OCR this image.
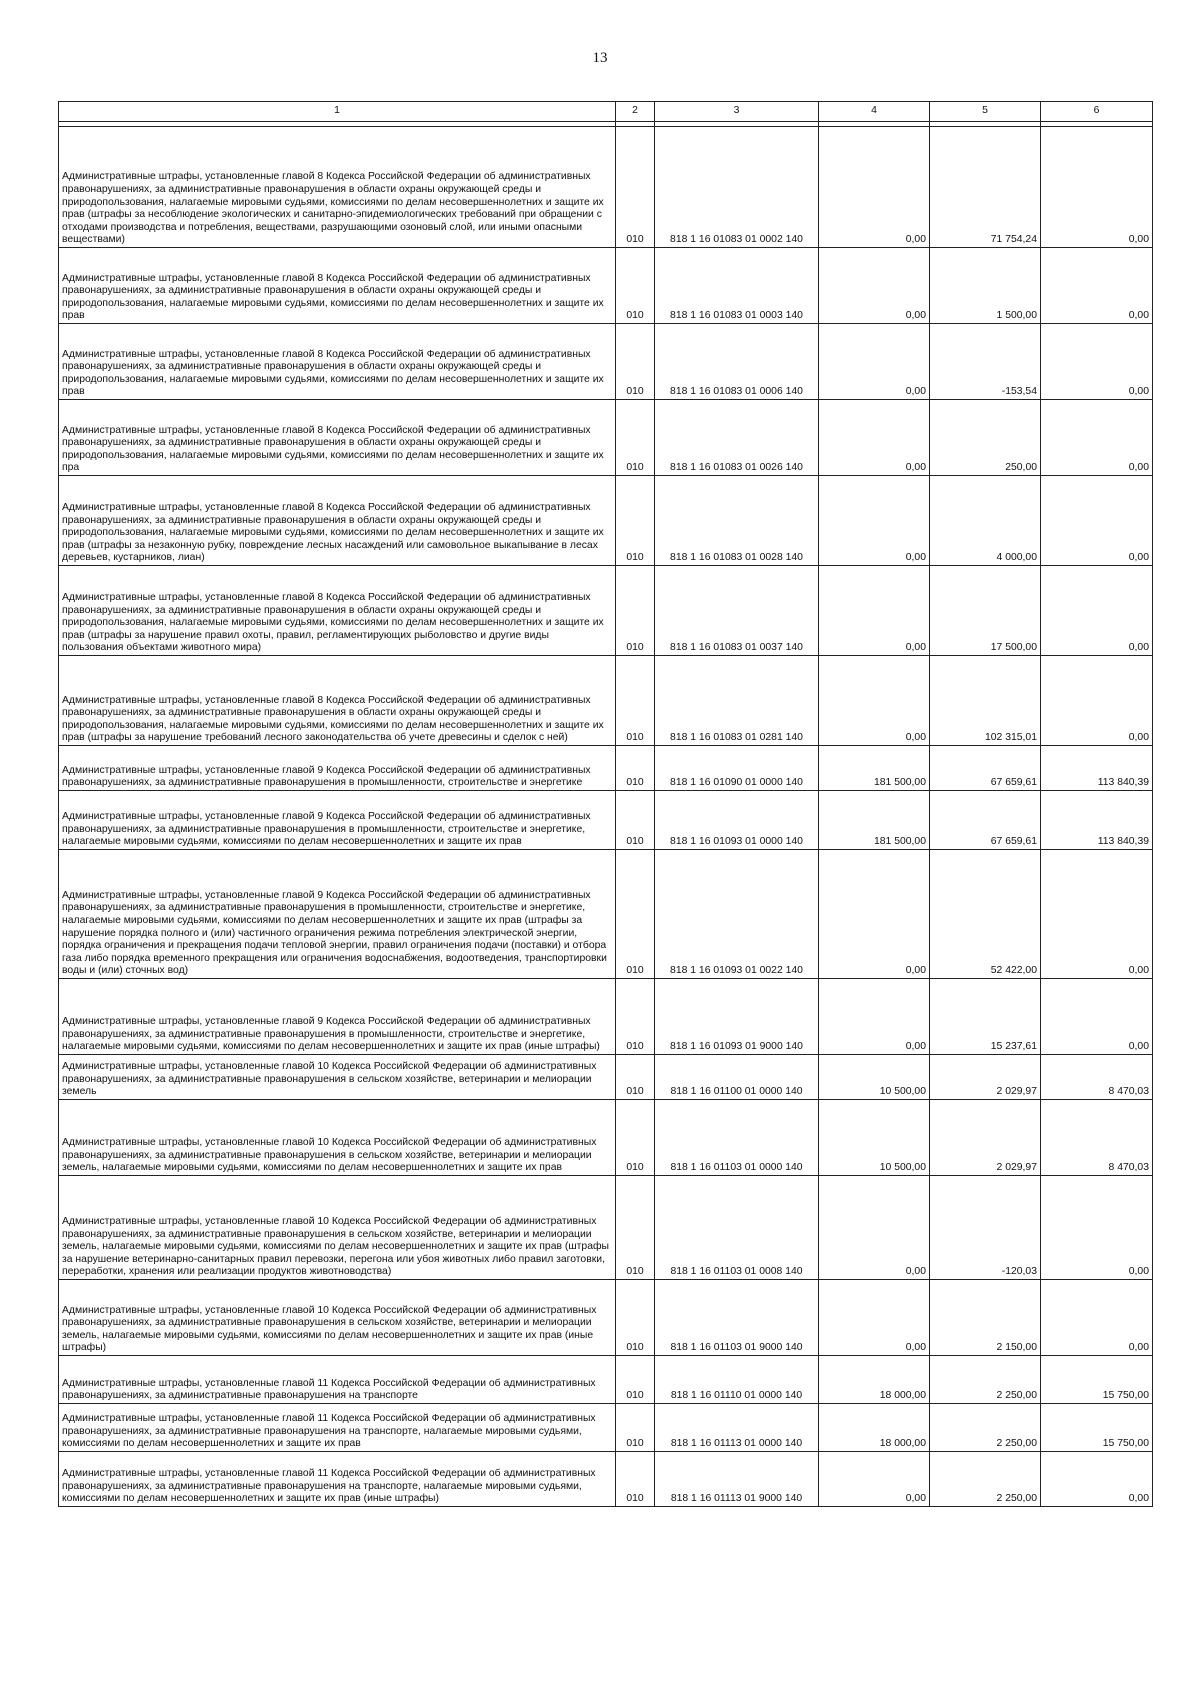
13
1	2	3	4	5	6

Административные штрафы, установленные главой 8 Кодекса Российской Федерации об административных правонарушениях, за административные правонарушения в области охраны окружающей среды и природопользования, налагаемые мировыми судьями, комиссиями по делам несовершеннолетних и защите их прав (штрафы за несоблюдение экологических и санитарно-эпидемиологических требований при обращении с отходами производства и потребления, веществами, разрушающими озоновый слой, или иными опасными веществами)	010	818 1 16 01083 01 0002 140	0,00	71 754,24	0,00
Административные штрафы, установленные главой 8 Кодекса Российской Федерации об административных правонарушениях, за административные правонарушения в области охраны окружающей среды и природопользования, налагаемые мировыми судьями, комиссиями по делам несовершеннолетних и защите их прав	010	818 1 16 01083 01 0003 140	0,00	1 500,00	0,00
Административные штрафы, установленные главой 8 Кодекса Российской Федерации об административных правонарушениях, за административные правонарушения в области охраны окружающей среды и природопользования, налагаемые мировыми судьями, комиссиями по делам несовершеннолетних и защите их прав	010	818 1 16 01083 01 0006 140	0,00	-153,54	0,00
Административные штрафы, установленные главой 8 Кодекса Российской Федерации об административных правонарушениях, за административные правонарушения в области охраны окружающей среды и природопользования, налагаемые мировыми судьями, комиссиями по делам несовершеннолетних и защите их пра	010	818 1 16 01083 01 0026 140	0,00	250,00	0,00
Административные штрафы, установленные главой 8 Кодекса Российской Федерации об административных правонарушениях, за административные правонарушения в области охраны окружающей среды и природопользования, налагаемые мировыми судьями, комиссиями по делам несовершеннолетних и защите их прав (штрафы за незаконную рубку, повреждение лесных насаждений или самовольное выкапывание в лесах деревьев, кустарников, лиан)	010	818 1 16 01083 01 0028 140	0,00	4 000,00	0,00
Административные штрафы, установленные главой 8 Кодекса Российской Федерации об административных правонарушениях, за административные правонарушения в области охраны окружающей среды и природопользования, налагаемые мировыми судьями, комиссиями по делам несовершеннолетних и защите их прав (штрафы за нарушение правил охоты, правил, регламентирующих рыболовство и другие виды пользования объектами животного мира)	010	818 1 16 01083 01 0037 140	0,00	17 500,00	0,00
Административные штрафы, установленные главой 8 Кодекса Российской Федерации об административных правонарушениях, за административные правонарушения в области охраны окружающей среды и природопользования, налагаемые мировыми судьями, комиссиями по делам несовершеннолетних и защите их прав (штрафы за нарушение требований лесного законодательства об учете древесины и сделок с ней)	010	818 1 16 01083 01 0281 140	0,00	102 315,01	0,00
Административные штрафы, установленные главой 9 Кодекса Российской Федерации об административных правонарушениях, за административные правонарушения в промышленности, строительстве и энергетике	010	818 1 16 01090 01 0000 140	181 500,00	67 659,61	113 840,39
Административные штрафы, установленные главой 9 Кодекса Российской Федерации об административных правонарушениях, за административные правонарушения в промышленности, строительстве и энергетике, налагаемые мировыми судьями, комиссиями по делам несовершеннолетних и защите их прав	010	818 1 16 01093 01 0000 140	181 500,00	67 659,61	113 840,39
Административные штрафы, установленные главой 9 Кодекса Российской Федерации об административных правонарушениях, за административные правонарушения в промышленности, строительстве и энергетике, налагаемые мировыми судьями, комиссиями по делам несовершеннолетних и защите их прав (штрафы за нарушение порядка полного и (или) частичного ограничения режима потребления электрической энергии, порядка ограничения и прекращения подачи тепловой энергии, правил ограничения подачи (поставки) и отбора газа либо порядка временного прекращения или ограничения водоснабжения, водоотведения, транспортировки воды и (или) сточных вод)	010	818 1 16 01093 01 0022 140	0,00	52 422,00	0,00
Административные штрафы, установленные главой 9 Кодекса Российской Федерации об административных правонарушениях, за административные правонарушения в промышленности, строительстве и энергетике, налагаемые мировыми судьями, комиссиями по делам несовершеннолетних и защите их прав (иные штрафы)	010	818 1 16 01093 01 9000 140	0,00	15 237,61	0,00
Административные штрафы, установленные главой 10 Кодекса Российской Федерации об административных правонарушениях, за административные правонарушения в сельском хозяйстве, ветеринарии и мелиорации земель	010	818 1 16 01100 01 0000 140	10 500,00	2 029,97	8 470,03
Административные штрафы, установленные главой 10 Кодекса Российской Федерации об административных правонарушениях, за административные правонарушения в сельском хозяйстве, ветеринарии и мелиорации земель, налагаемые мировыми судьями, комиссиями по делам несовершеннолетних и защите их прав	010	818 1 16 01103 01 0000 140	10 500,00	2 029,97	8 470,03
Административные штрафы, установленные главой 10 Кодекса Российской Федерации об административных правонарушениях, за административные правонарушения в сельском хозяйстве, ветеринарии и мелиорации земель, налагаемые мировыми судьями, комиссиями по делам несовершеннолетних и защите их прав (штрафы за нарушение ветеринарно-санитарных правил перевозки, перегона или убоя животных либо правил заготовки, переработки, хранения или реализации продуктов животноводства)	010	818 1 16 01103 01 0008 140	0,00	-120,03	0,00
Административные штрафы, установленные главой 10 Кодекса Российской Федерации об административных правонарушениях, за административные правонарушения в сельском хозяйстве, ветеринарии и мелиорации земель, налагаемые мировыми судьями, комиссиями по делам несовершеннолетних и защите их прав (иные штрафы)	010	818 1 16 01103 01 9000 140	0,00	2 150,00	0,00
Административные штрафы, установленные главой 11 Кодекса Российской Федерации об административных правонарушениях, за административные правонарушения на транспорте	010	818 1 16 01110 01 0000 140	18 000,00	2 250,00	15 750,00
Административные штрафы, установленные главой 11 Кодекса Российской Федерации об административных правонарушениях, за административные правонарушения на транспорте, налагаемые мировыми судьями, комиссиями по делам несовершеннолетних и защите их прав	010	818 1 16 01113 01 0000 140	18 000,00	2 250,00	15 750,00
Административные штрафы, установленные главой 11 Кодекса Российской Федерации об административных правонарушениях, за административные правонарушения на транспорте, налагаемые мировыми судьями, комиссиями по делам несовершеннолетних и защите их прав (иные штрафы)	010	818 1 16 01113 01 9000 140	0,00	2 250,00	0,00
